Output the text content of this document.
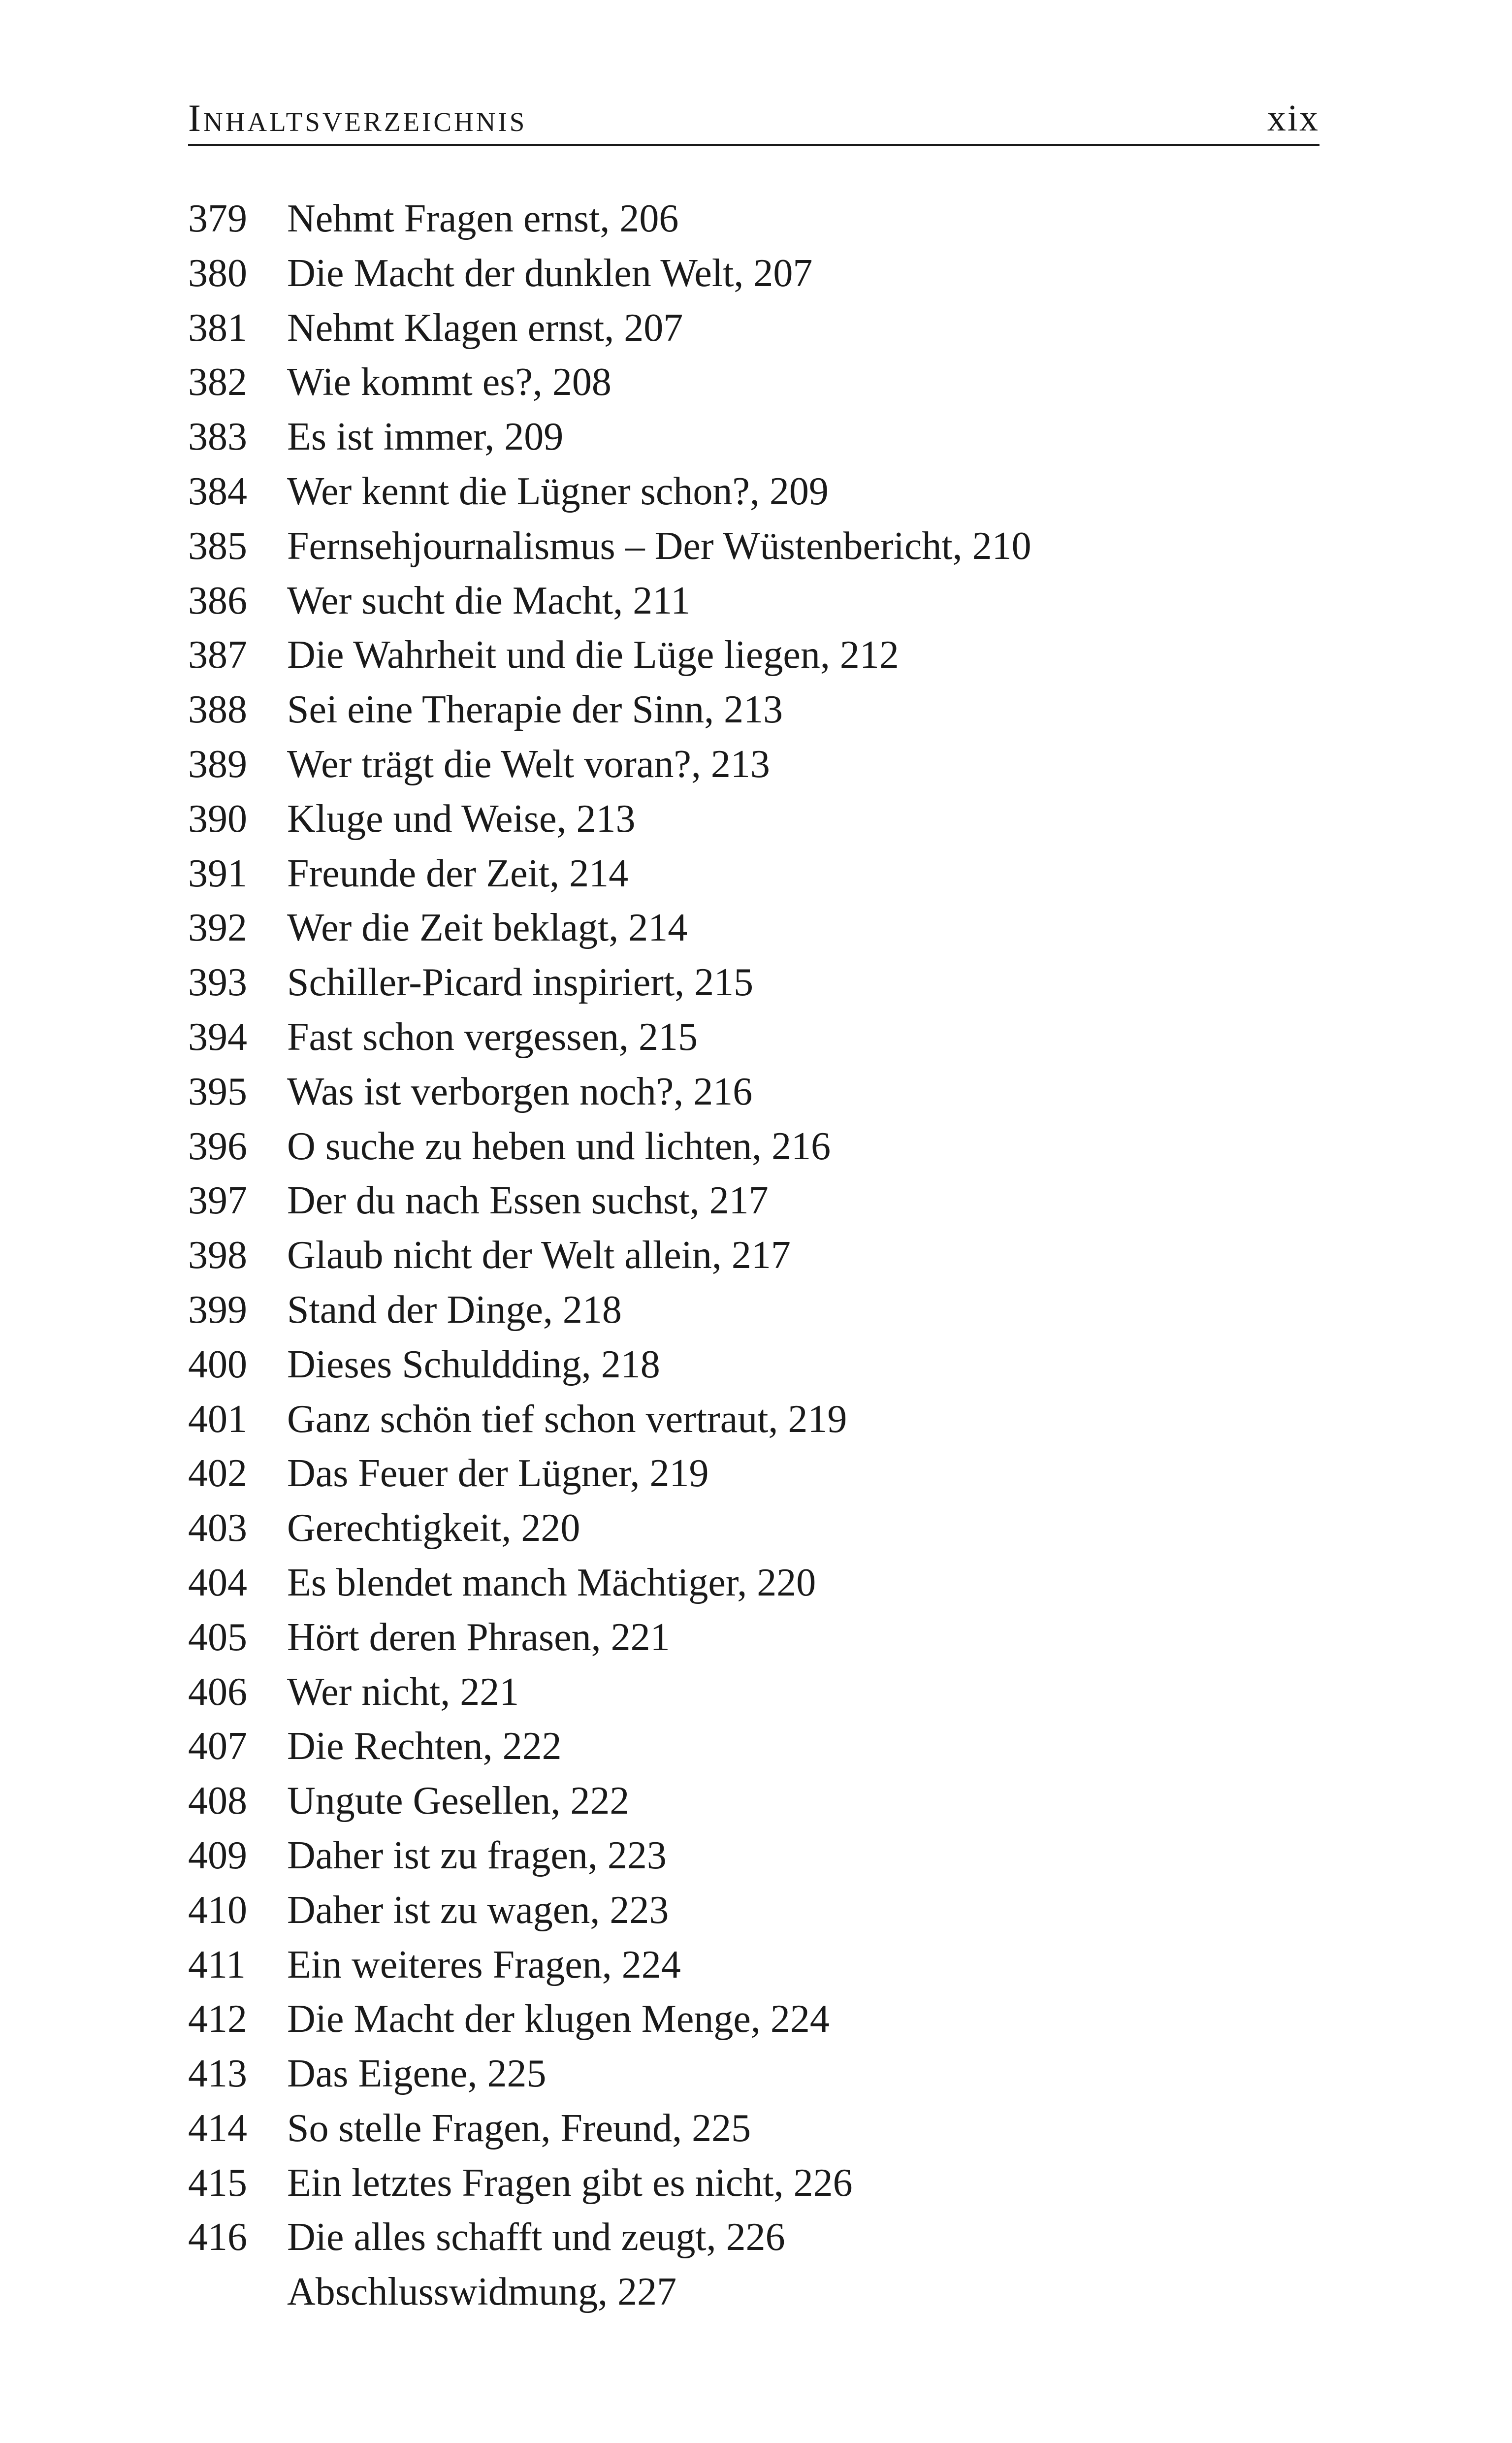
Inhaltsverzeichnis	xix
379 Nehmt Fragen ernst, 206
380 Die Macht der dunklen Welt, 207
381 Nehmt Klagen ernst, 207
382 Wie kommt es?, 208
383 Es ist immer, 209
384 Wer kennt die Lügner schon?, 209
385 Fernsehjournalismus – Der Wüstenbericht, 210
386 Wer sucht die Macht, 211
387 Die Wahrheit und die Lüge liegen, 212
388 Sei eine Therapie der Sinn, 213
389 Wer trägt die Welt voran?, 213
390 Kluge und Weise, 213
391 Freunde der Zeit, 214
392 Wer die Zeit beklagt, 214
393 Schiller-Picard inspiriert, 215
394 Fast schon vergessen, 215
395 Was ist verborgen noch?, 216
396 O suche zu heben und lichten, 216
397 Der du nach Essen suchst, 217
398 Glaub nicht der Welt allein, 217
399 Stand der Dinge, 218
400 Dieses Schuldding, 218
401 Ganz schön tief schon vertraut, 219
402 Das Feuer der Lügner, 219
403 Gerechtigkeit, 220
404 Es blendet manch Mächtiger, 220
405 Hört deren Phrasen, 221
406 Wer nicht, 221
407 Die Rechten, 222
408 Ungute Gesellen, 222
409 Daher ist zu fragen, 223
410 Daher ist zu wagen, 223
411 Ein weiteres Fragen, 224
412 Die Macht der klugen Menge, 224
413 Das Eigene, 225
414 So stelle Fragen, Freund, 225
415 Ein letztes Fragen gibt es nicht, 226
416 Die alles schafft und zeugt, 226
Abschlusswidmung, 227
